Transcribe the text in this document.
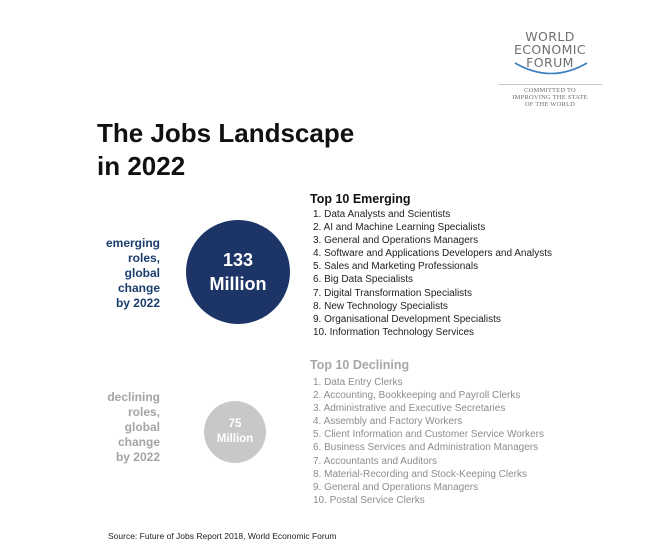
WORLD
ECONOMIC
FORUM
COMMITTED TO
IMPROVING THE STATE
OF THE WORLD
The Jobs Landscape
in 2022
emerging
roles,
global
change
by 2022
133
Million
Top 10 Emerging
1. Data Analysts and Scientists
2. AI and Machine Learning Specialists
3. General and Operations Managers
4. Software and Applications Developers and Analysts
5. Sales and Marketing Professionals
6. Big Data Specialists
7. Digital Transformation Specialists
8. New Technology Specialists
9. Organisational Development Specialists
10. Information Technology Services
declining
roles,
global
change
by 2022
75
Million
Top 10 Declining
1. Data Entry Clerks
2. Accounting, Bookkeeping and Payroll Clerks
3. Administrative and Executive Secretaries
4. Assembly and Factory Workers
5. Client Information and Customer Service Workers
6. Business Services and Administration Managers
7. Accountants and Auditors
8. Material-Recording and Stock-Keeping Clerks
9. General and Operations Managers
10. Postal Service Clerks
Source: Future of Jobs Report 2018, World Economic Forum
